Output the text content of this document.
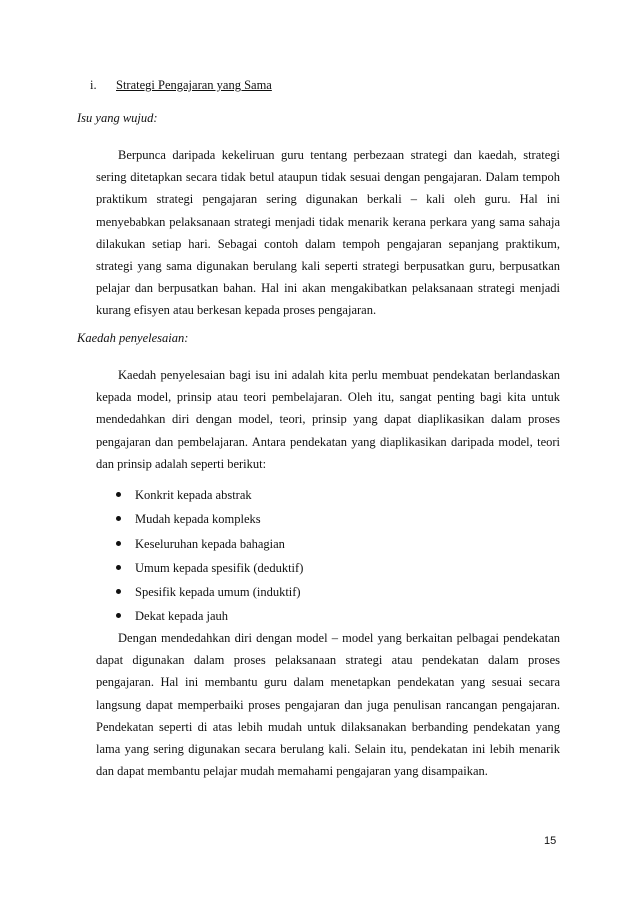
i. Strategi Pengajaran yang Sama
Isu yang wujud:

Berpunca daripada kekeliruan guru tentang perbezaan strategi dan kaedah, strategi sering ditetapkan secara tidak betul ataupun tidak sesuai dengan pengajaran. Dalam tempoh praktikum strategi pengajaran sering digunakan berkali – kali oleh guru. Hal ini menyebabkan pelaksanaan strategi menjadi tidak menarik kerana perkara yang sama sahaja dilakukan setiap hari. Sebagai contoh dalam tempoh pengajaran sepanjang praktikum, strategi yang sama digunakan berulang kali seperti strategi berpusatkan guru, berpusatkan pelajar dan berpusatkan bahan. Hal ini akan mengakibatkan pelaksanaan strategi menjadi kurang efisyen atau berkesan kepada proses pengajaran.

Kaedah penyelesaian:

Kaedah penyelesaian bagi isu ini adalah kita perlu membuat pendekatan berlandaskan kepada model, prinsip atau teori pembelajaran. Oleh itu, sangat penting bagi kita untuk mendedahkan diri dengan model, teori, prinsip yang dapat diaplikasikan dalam proses pengajaran dan pembelajaran. Antara pendekatan yang diaplikasikan daripada model, teori dan prinsip adalah seperti berikut:

Konkrit kepada abstrak
Mudah kepada kompleks
Keseluruhan kepada bahagian
Umum kepada spesifik (deduktif)
Spesifik kepada umum (induktif)
Dekat kepada jauh

Dengan mendedahkan diri dengan model – model yang berkaitan pelbagai pendekatan dapat digunakan dalam proses pelaksanaan strategi atau pendekatan dalam proses pengajaran. Hal ini membantu guru dalam menetapkan pendekatan yang sesuai secara langsung dapat memperbaiki proses pengajaran dan juga penulisan rancangan pengajaran. Pendekatan seperti di atas lebih mudah untuk dilaksanakan berbanding pendekatan yang lama yang sering digunakan secara berulang kali. Selain itu, pendekatan ini lebih menarik dan dapat membantu pelajar mudah memahami pengajaran yang disampaikan.

15
